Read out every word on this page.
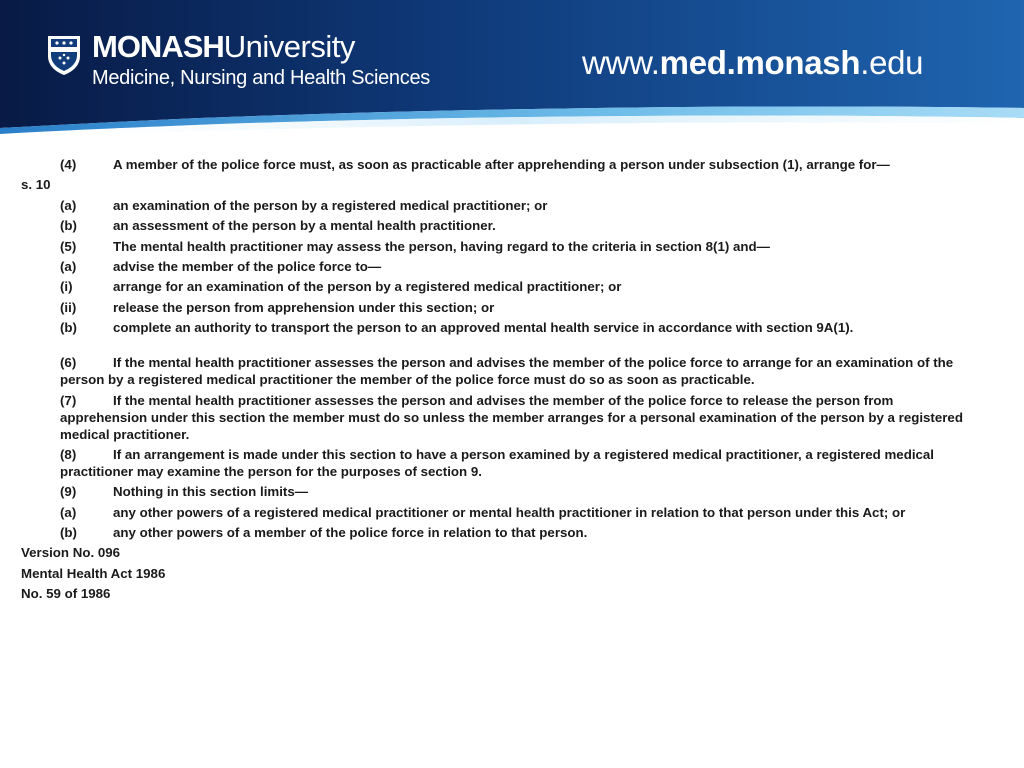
MONASHUniversity
Medicine, Nursing and Health Sciences	www.med.monash.edu
(4)	A member of the police force must, as soon as practicable after apprehending a person under subsection (1), arrange for—
s. 10
(a)	an examination of the person by a registered medical practitioner; or
(b)	an assessment of the person by a mental health practitioner.
(5)	The mental health practitioner may assess the person, having regard to the criteria in section 8(1) and—
(a)	advise the member of the police force to—
(i)	arrange for an examination of the person by a registered medical practitioner; or
(ii)	release the person from apprehension under this section; or
(b)	complete an authority to transport the person to an approved mental health service in accordance with section 9A(1).
(6)	If the mental health practitioner assesses the person and advises the member of the police force to arrange for an examination of the person by a registered medical practitioner the member of the police force must do so as soon as practicable.
(7)	If the mental health practitioner assesses the person and advises the member of the police force to release the person from apprehension under this section the member must do so unless the member arranges for a personal examination of the person by a registered medical practitioner.
(8)	If an arrangement is made under this section to have a person examined by a registered medical practitioner, a registered medical practitioner may examine the person for the purposes of section 9.
(9)	Nothing in this section limits—
(a)	any other powers of a registered medical practitioner or mental health practitioner in relation to that person under this Act; or
(b)	any other powers of a member of the police force in relation to that person.
Version No. 096
Mental Health Act 1986
No. 59 of 1986
